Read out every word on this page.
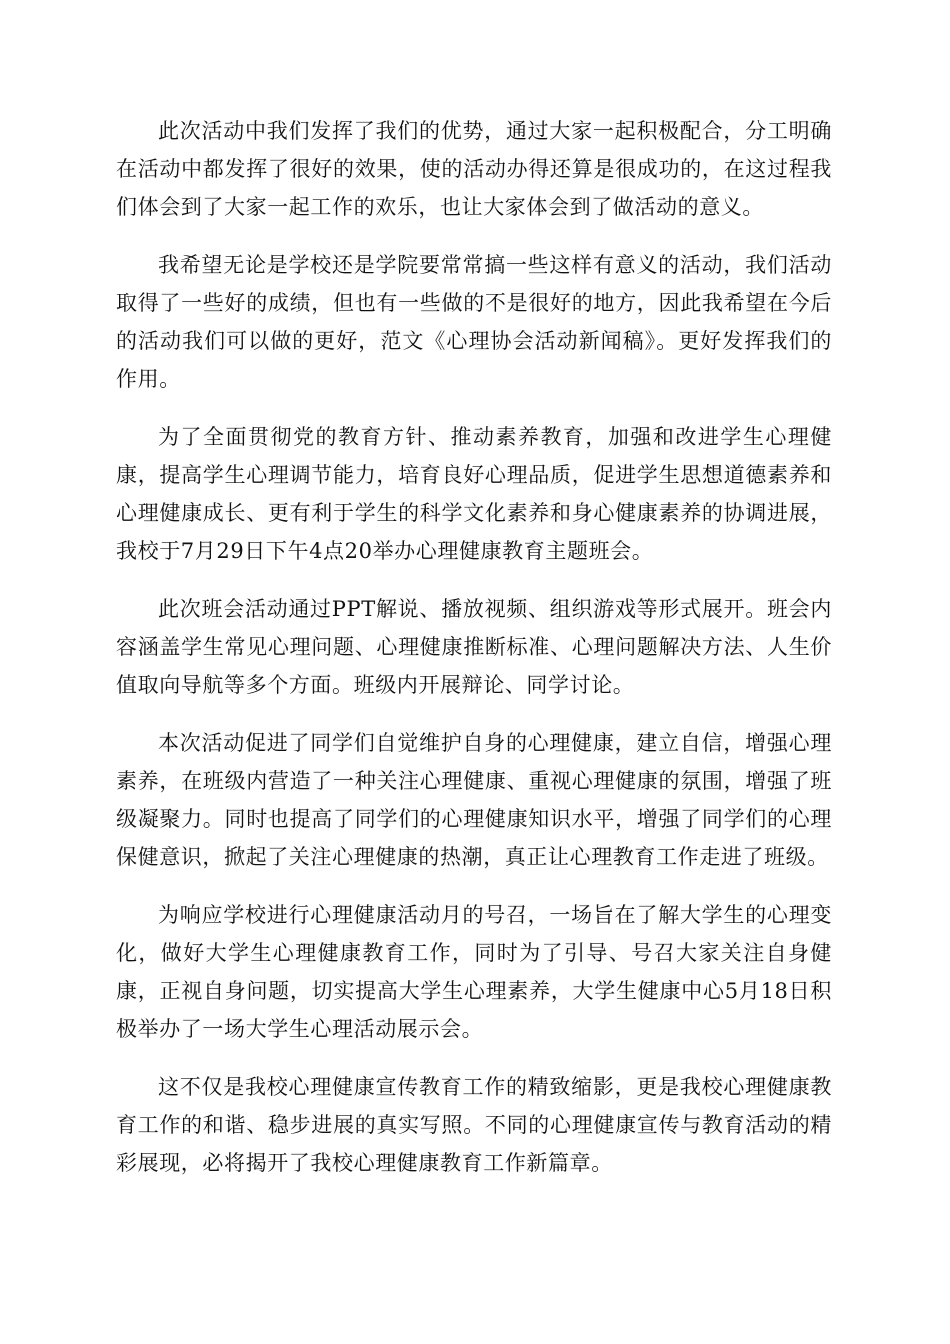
此次活动中我们发挥了我们的优势，通过大家一起积极配合，分工明确在活动中都发挥了很好的效果，使的活动办得还算是很成功的，在这过程我们体会到了大家一起工作的欢乐，也让大家体会到了做活动的意义。

我希望无论是学校还是学院要常常搞一些这样有意义的活动，我们活动取得了一些好的成绩，但也有一些做的不是很好的地方，因此我希望在今后的活动我们可以做的更好，范文《心理协会活动新闻稿》。更好发挥我们的作用。

为了全面贯彻党的教育方针、推动素养教育，加强和改进学生心理健康，提高学生心理调节能力，培育良好心理品质，促进学生思想道德素养和心理健康成长、更有利于学生的科学文化素养和身心健康素养的协调进展，我校于7月29日下午4点20举办心理健康教育主题班会。

此次班会活动通过PPT解说、播放视频、组织游戏等形式展开。班会内容涵盖学生常见心理问题、心理健康推断标准、心理问题解决方法、人生价值取向导航等多个方面。班级内开展辩论、同学讨论。

本次活动促进了同学们自觉维护自身的心理健康，建立自信，增强心理素养，在班级内营造了一种关注心理健康、重视心理健康的氛围，增强了班级凝聚力。同时也提高了同学们的心理健康知识水平，增强了同学们的心理保健意识，掀起了关注心理健康的热潮，真正让心理教育工作走进了班级。

为响应学校进行心理健康活动月的号召，一场旨在了解大学生的心理变化，做好大学生心理健康教育工作，同时为了引导、号召大家关注自身健康，正视自身问题，切实提高大学生心理素养，大学生健康中心5月18日积极举办了一场大学生心理活动展示会。

这不仅是我校心理健康宣传教育工作的精致缩影，更是我校心理健康教育工作的和谐、稳步进展的真实写照。不同的心理健康宣传与教育活动的精彩展现，必将揭开了我校心理健康教育工作新篇章。
